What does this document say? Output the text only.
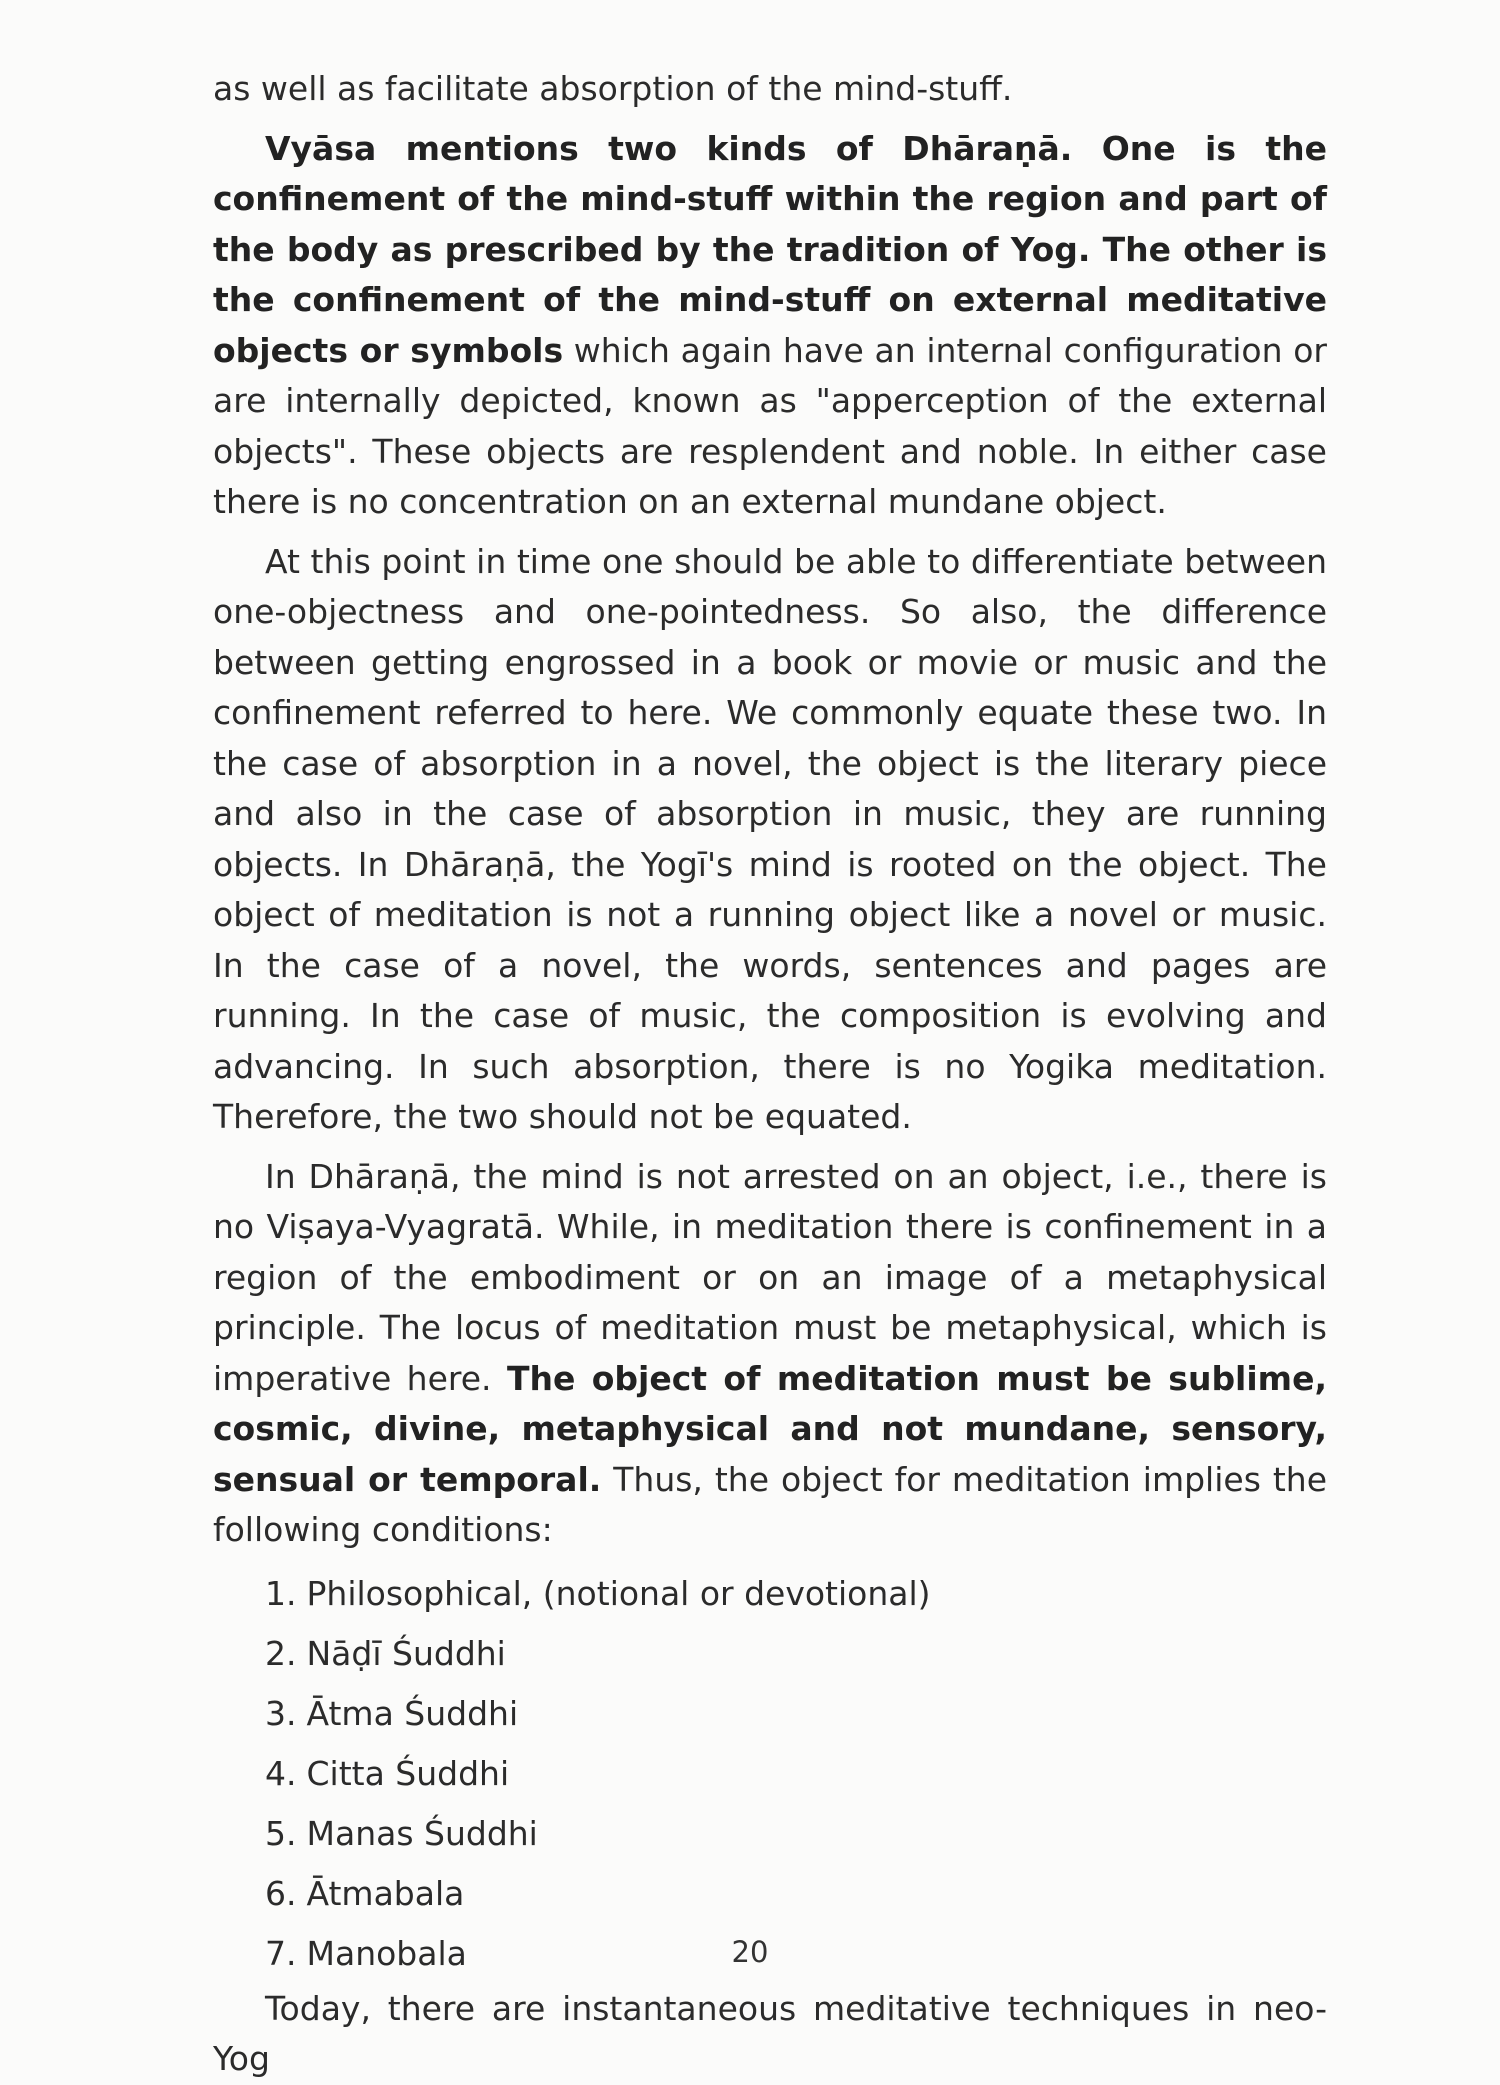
as well as facilitate absorption of the mind-stuff.

Vyāsa mentions two kinds of Dhāraṇā. One is the confinement of the mind-stuff within the region and part of the body as prescribed by the tradition of Yog. The other is the confinement of the mind-stuff on external meditative objects or symbols which again have an internal configuration or are internally depicted, known as "apperception of the external objects". These objects are resplendent and noble. In either case there is no concentration on an external mundane object.

At this point in time one should be able to differentiate between one-objectness and one-pointedness. So also, the difference between getting engrossed in a book or movie or music and the confinement referred to here. We commonly equate these two. In the case of absorption in a novel, the object is the literary piece and also in the case of absorption in music, they are running objects. In Dhāraṇā, the Yogī's mind is rooted on the object. The object of meditation is not a running object like a novel or music. In the case of a novel, the words, sentences and pages are running. In the case of music, the composition is evolving and advancing. In such absorption, there is no Yogika meditation. Therefore, the two should not be equated.

In Dhāraṇā, the mind is not arrested on an object, i.e., there is no Viṣaya-Vyagratā. While, in meditation there is confinement in a region of the embodiment or on an image of a metaphysical principle. The locus of meditation must be metaphysical, which is imperative here. The object of meditation must be sublime, cosmic, divine, metaphysical and not mundane, sensory, sensual or temporal. Thus, the object for meditation implies the following conditions:

1. Philosophical, (notional or devotional)
2. Nāḍī Śuddhi
3. Ātma Śuddhi
4. Citta Śuddhi
5. Manas Śuddhi
6. Ātmabala
7. Manobala

Today, there are instantaneous meditative techniques in neo-Yog

20
